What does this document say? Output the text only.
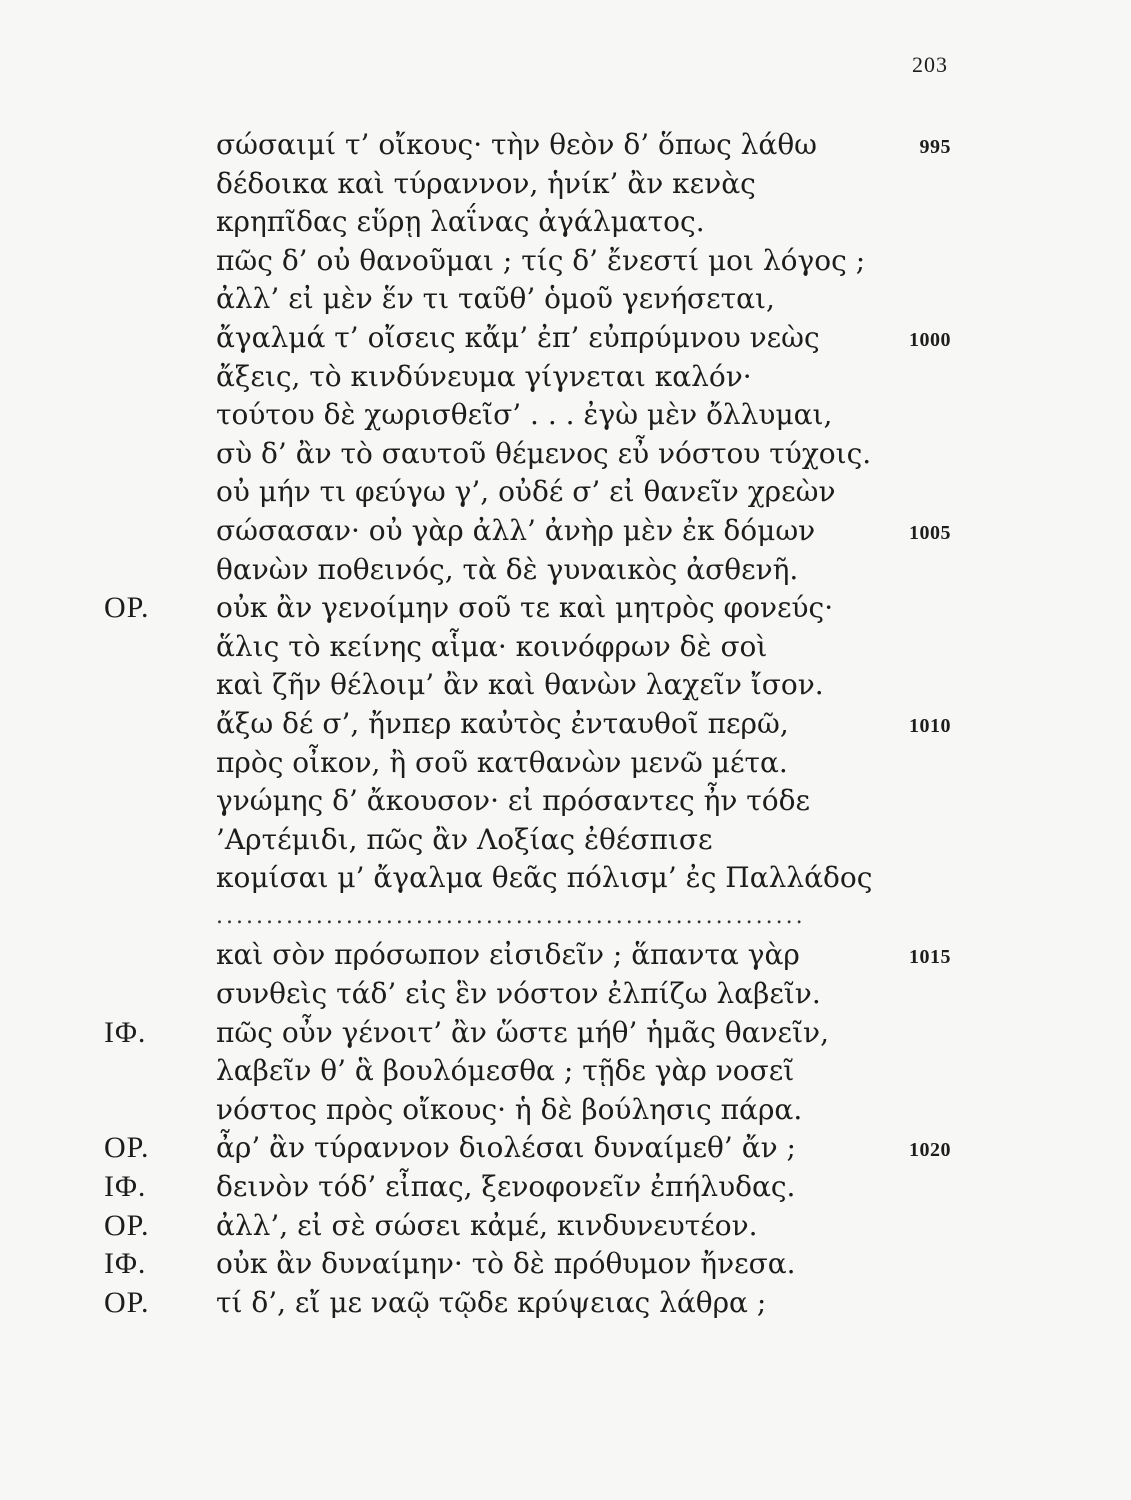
203
σώσαιμί τ’ οἴκους· τὴν θεὸν δ’ ὅπως λάθω	995
δέδοικα καὶ τύραννον, ἡνίκ’ ἂν κενὰς
κρηπῖδας εὕρῃ λαΐνας ἀγάλματος.
πῶς δ’ οὐ θανοῦμαι ; τίς δ’ ἔνεστί μοι λόγος ;
ἀλλ’ εἰ μὲν ἕν τι ταῦθ’ ὁμοῦ γενήσεται,
ἄγαλμά τ’ οἴσεις κἄμ’ ἐπ’ εὐπρύμνου νεὼς	1000
ἄξεις, τὸ κινδύνευμα γίγνεται καλόν·
τούτου δὲ χωρισθεῖσ’ . . . ἐγὼ μὲν ὄλλυμαι,
σὺ δ’ ἂν τὸ σαυτοῦ θέμενος εὖ νόστου τύχοις.
οὐ μήν τι φεύγω γ’, οὐδέ σ’ εἰ θανεῖν χρεὼν
σώσασαν· οὐ γὰρ ἀλλ’ ἀνὴρ μὲν ἐκ δόμων	1005
θανὼν ποθεινός, τὰ δὲ γυναικὸς ἀσθενῆ.
ΟΡ. οὐκ ἂν γενοίμην σοῦ τε καὶ μητρὸς φονεύς·
ἅλις τὸ κείνης αἷμα· κοινόφρων δὲ σοὶ
καὶ ζῆν θέλοιμ’ ἂν καὶ θανὼν λαχεῖν ἴσον.
ἄξω δέ σ’, ἤνπερ καὐτὸς ἐνταυθοῖ περῶ,	1010
πρὸς οἶκον, ἢ σοῦ κατθανὼν μενῶ μέτα.
γνώμης δ’ ἄκουσον· εἰ πρόσαντες ἦν τόδε
’Αρτέμιδι, πῶς ἂν Λοξίας ἐθέσπισε
κομίσαι μ’ ἄγαλμα θεᾶς πόλισμ’ ἐς Παλλάδος
...........................................................
καὶ σὸν πρόσωπον εἰσιδεῖν ; ἅπαντα γὰρ	1015
συνθεὶς τάδ’ εἰς ἓν νόστον ἐλπίζω λαβεῖν.
ΙΦ. πῶς οὖν γένοιτ’ ἂν ὥστε μήθ’ ἡμᾶς θανεῖν,
λαβεῖν θ’ ἃ βουλόμεσθα ; τῇδε γὰρ νοσεῖ
νόστος πρὸς οἴκους· ἡ δὲ βούλησις πάρα.
ΟΡ. ἆρ’ ἂν τύραννον διολέσαι δυναίμεθ’ ἄν ;	1020
ΙΦ. δεινὸν τόδ’ εἶπας, ξενοφονεῖν ἐπήλυδας.
ΟΡ. ἀλλ’, εἰ σὲ σώσει κἀμέ, κινδυνευτέον.
ΙΦ. οὐκ ἂν δυναίμην· τὸ δὲ πρόθυμον ἤνεσα.
ΟΡ. τί δ’, εἴ με ναῷ τῷδε κρύψειας λάθρα ;
